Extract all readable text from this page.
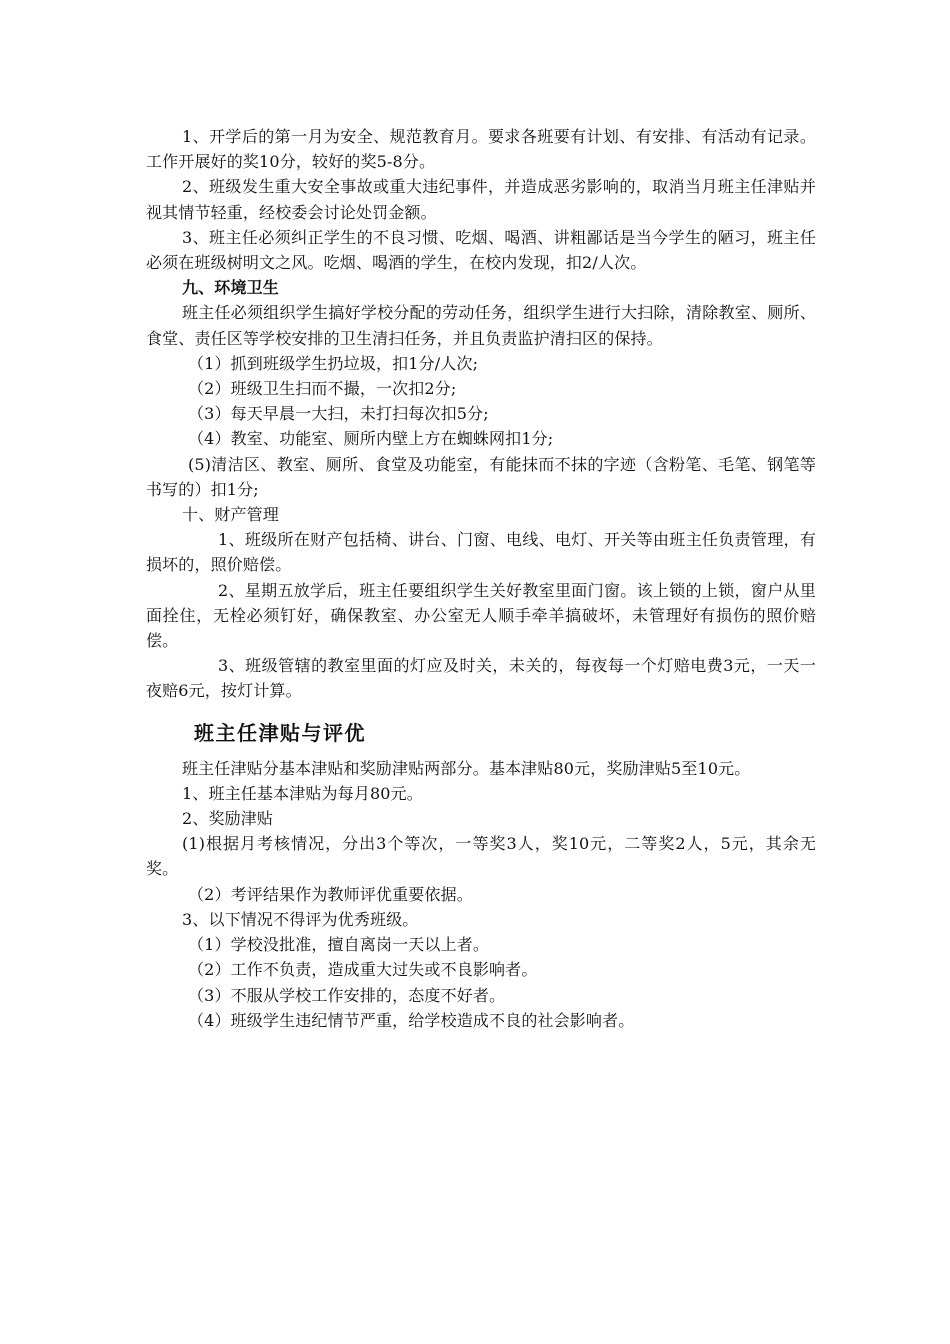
1、开学后的第一月为安全、规范教育月。要求各班要有计划、有安排、有活动有记录。工作开展好的奖10分，较好的奖5-8分。

2、班级发生重大安全事故或重大违纪事件，并造成恶劣影响的，取消当月班主任津贴并视其情节轻重，经校委会讨论处罚金额。

3、班主任必须纠正学生的不良习惯、吃烟、喝酒、讲粗鄙话是当今学生的陋习，班主任必须在班级树明文之风。吃烟、喝酒的学生，在校内发现，扣2/人次。

九、环境卫生

班主任必须组织学生搞好学校分配的劳动任务，组织学生进行大扫除，清除教室、厕所、食堂、责任区等学校安排的卫生清扫任务，并且负责监护清扫区的保持。

（1）抓到班级学生扔垃圾，扣1分/人次;

（2）班级卫生扫而不撮，一次扣2分;

（3）每天早晨一大扫，未打扫每次扣5分;

（4）教室、功能室、厕所内壁上方在蜘蛛网扣1分;

(5)清洁区、教室、厕所、食堂及功能室，有能抹而不抹的字迹（含粉笔、毛笔、钢笔等书写的）扣1分;

十、财产管理

1、班级所在财产包括椅、讲台、门窗、电线、电灯、开关等由班主任负责管理，有损坏的，照价赔偿。

2、星期五放学后，班主任要组织学生关好教室里面门窗。该上锁的上锁，窗户从里面拴住，无栓必须钉好，确保教室、办公室无人顺手牵羊搞破坏，未管理好有损伤的照价赔偿。

3、班级管辖的教室里面的灯应及时关，未关的，每夜每一个灯赔电费3元，一天一夜赔6元，按灯计算。

班主任津贴与评优

班主任津贴分基本津贴和奖励津贴两部分。基本津贴80元，奖励津贴5至10元。

1、班主任基本津贴为每月80元。

2、奖励津贴

(1)根据月考核情况，分出3个等次，一等奖3人，奖10元，二等奖2人，5元，其余无奖。

（2）考评结果作为教师评优重要依据。

3、以下情况不得评为优秀班级。

（1）学校没批准，擅自离岗一天以上者。

（2）工作不负责，造成重大过失或不良影响者。

（3）不服从学校工作安排的，态度不好者。

（4）班级学生违纪情节严重，给学校造成不良的社会影响者。
